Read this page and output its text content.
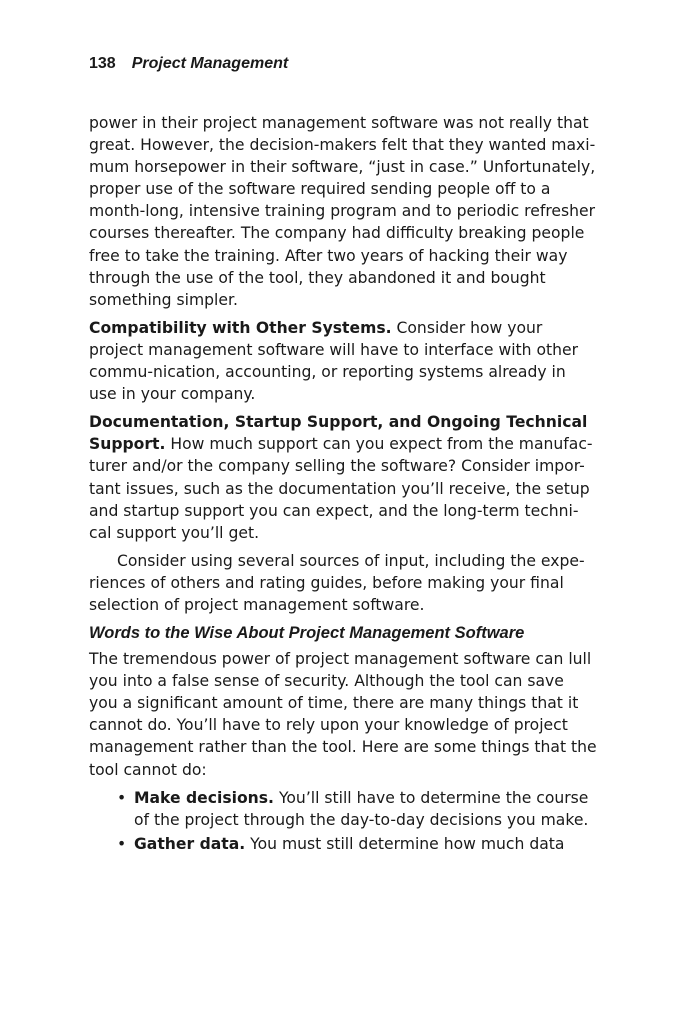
138 Project Management

power in their project management software was not really that great. However, the decision-makers felt that they wanted maxi-mum horsepower in their software, “just in case.” Unfortunately, proper use of the software required sending people off to a month-long, intensive training program and to periodic refresher courses thereafter. The company had difficulty breaking people free to take the training. After two years of hacking their way through the use of the tool, they abandoned it and bought something simpler.

Compatibility with Other Systems. Consider how your project management software will have to interface with other commu-nication, accounting, or reporting systems already in use in your company.

Documentation, Startup Support, and Ongoing Technical Support. How much support can you expect from the manufac-turer and/or the company selling the software? Consider impor-tant issues, such as the documentation you’ll receive, the setup and startup support you can expect, and the long-term techni-cal support you’ll get.

Consider using several sources of input, including the expe-riences of others and rating guides, before making your final selection of project management software.

Words to the Wise About Project Management Software

The tremendous power of project management software can lull you into a false sense of security. Although the tool can save you a significant amount of time, there are many things that it cannot do. You’ll have to rely upon your knowledge of project management rather than the tool. Here are some things that the tool cannot do:

• Make decisions. You’ll still have to determine the course of the project through the day-to-day decisions you make.
• Gather data. You must still determine how much data
